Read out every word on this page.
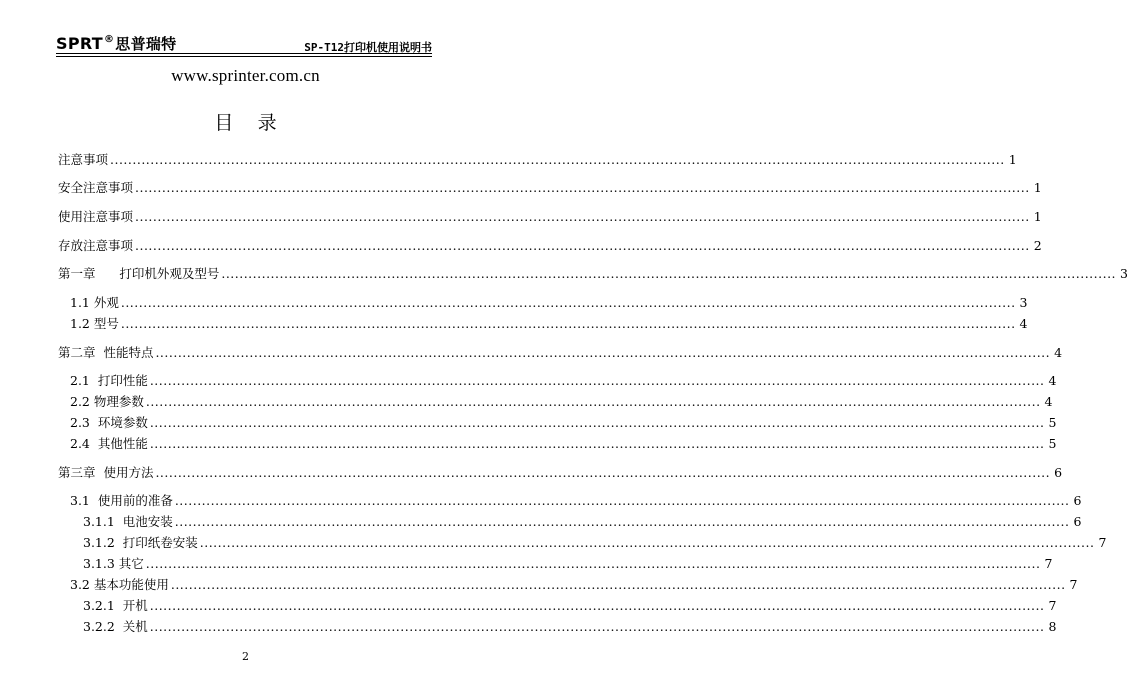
SPRT®思普瑞特	SP-T12打印机使用说明书
www.sprinter.com.cn
目    录
注意事项 ........................................................................................................................................................................................................ 1
安全注意事项 ........................................................................................................................................................................................................ 1
使用注意事项 ........................................................................................................................................................................................................ 1
存放注意事项 ........................................................................................................................................................................................................ 2
第一章      打印机外观及型号 ........................................................................................................................................................................................................ 3
1.1 外观 ........................................................................................................................................................................................................ 3
1.2 型号 ........................................................................................................................................................................................................ 4
第二章  性能特点 ........................................................................................................................................................................................................ 4
2.1  打印性能 ........................................................................................................................................................................................................ 4
2.2 物理参数 ........................................................................................................................................................................................................ 4
2.3  环境参数 ........................................................................................................................................................................................................ 5
2.4  其他性能 ........................................................................................................................................................................................................ 5
第三章  使用方法 ........................................................................................................................................................................................................ 6
3.1  使用前的准备 ........................................................................................................................................................................................................ 6
3.1.1  电池安装 ........................................................................................................................................................................................................ 6
3.1.2  打印纸卷安装 ........................................................................................................................................................................................................ 7
3.1.3 其它 ........................................................................................................................................................................................................ 7
3.2 基本功能使用 ........................................................................................................................................................................................................ 7
3.2.1  开机 ........................................................................................................................................................................................................ 7
3.2.2  关机 ........................................................................................................................................................................................................ 8
2
